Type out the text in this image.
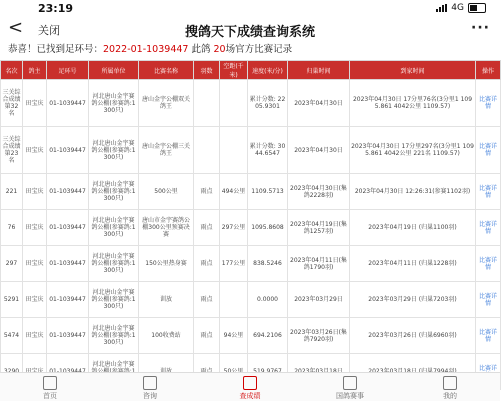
23:19	4G
< 关闭	搜鸽天下成绩查询系统	···
恭喜！已找到足环号：2022-01-1039447 此鸽 20场官方比赛记录
名次	鸽主	足环号	所属单位	比赛名称	羽数	空距(千米)	速度(米/分)	归巢时间	到家时间	操作
三关综合成绩第32名	田宝庆	01-1039447	河北唐山金宇赛鸽公棚(参赛鸽:1300只)	唐山金宇公棚双关鸽王			累计分数: 2205.9301	2023年04月30日	2023年04月30日 17分里76名(3分里1 1095.861 4042公里 1109.57)	比赛详情
三关综合成绩第23名	田宝庆	01-1039447	河北唐山金宇赛鸽公棚(参赛鸽:1300只)	唐山金宇公棚三关鸽王			累计分数: 3044.6547	2023年04月30日	2023年04月30日 17分里297名(3分里1 1095.861 4042公里 221名 1109.57)	比赛详情
221	田宝庆	01-1039447	河北唐山金宇赛鸽公棚(参赛鸽:1300只)	500公里	雨点	494公里	1109.5713	2023年04月30日(集鸽2228羽)	2023年04月30日 12:26:31(参赛1102羽)	比赛详情
76	田宝庆	01-1039447	河北唐山金宇赛鸽公棚(参赛鸽:1300只)	唐山市金宇赛鸽公棚300公里预赛决赛	雨点	297公里	1095.8608	2023年04月19日(集鸽1257羽)	2023年04月19日 (归巢1100羽)	比赛详情
297	田宝庆	01-1039447	河北唐山金宇赛鸽公棚(参赛鸽:1300只)	150公里热身赛	雨点	177公里	838.5246	2023年04月11日(集鸽1790羽)	2023年04月11日 (归巢1228羽)	比赛详情
5291	田宝庆	01-1039447	河北唐山金宇赛鸽公棚(参赛鸽:1300只)	训放	雨点		0.0000	2023年03月29日	2023年03月29日 (归巢7203羽)	比赛详情
5474	田宝庆	01-1039447	河北唐山金宇赛鸽公棚(参赛鸽:1300只)	100收费站	雨点	94公里	694.2106	2023年03月26日(集鸽7920羽)	2023年03月26日 (归巢6960羽)	比赛详情
			河北唐山金宇赛							比赛详
首页	咨询	查成绩	国鸽赛事	我的
